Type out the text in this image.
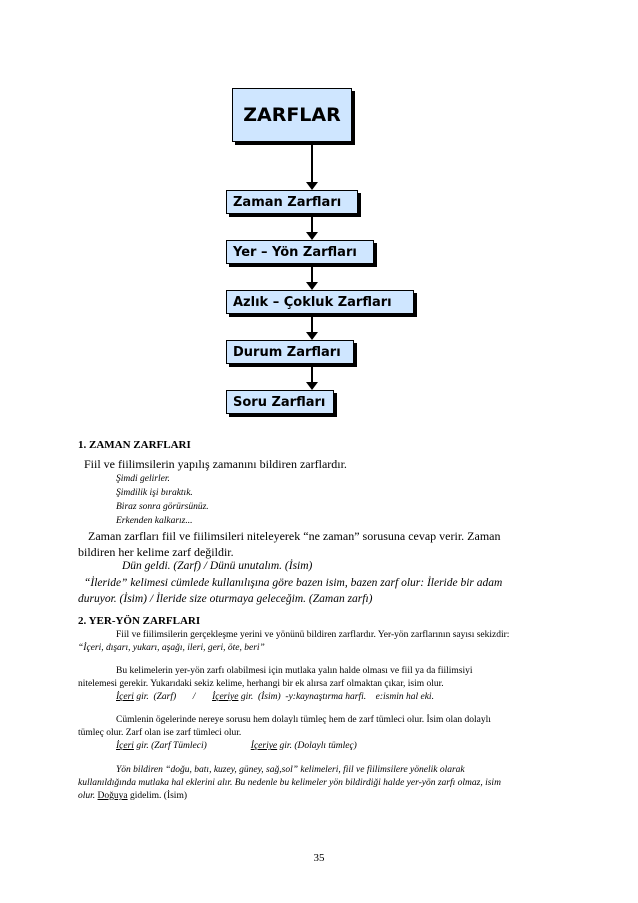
ZARFLAR
Zaman Zarfları
Yer – Yön Zarfları
Azlık – Çokluk Zarfları
Durum Zarfları
Soru Zarfları
1. ZAMAN ZARFLARI
Fiil ve fiilimsilerin yapılış zamanını bildiren zarflardır.
Şimdi gelirler.
Şimdilik işi bıraktık.
Biraz sonra görürsünüz.
Erkenden kalkarız...
Zaman zarfları fiil ve fiilimsileri niteleyerek “ne zaman” sorusuna cevap verir. Zaman
bildiren her kelime zarf değildir.
Dün geldi. (Zarf) / Dünü unutalım. (İsim)
“İleride” kelimesi cümlede kullanılışına göre bazen isim, bazen zarf olur: İleride bir adam
duruyor. (İsim) / İleride size oturmaya geleceğim. (Zaman zarfı)
2. YER-YÖN ZARFLARI
Fiil ve fiilimsilerin gerçekleşme yerini ve yönünü bildiren zarflardır. Yer-yön zarflarının sayısı sekizdir:
“İçeri, dışarı, yukarı, aşağı, ileri, geri, öte, beri”
Bu kelimelerin yer-yön zarfı olabilmesi için mutlaka yalın halde olması ve fiil ya da fiilimsiyi
nitelemesi gerekir. Yukarıdaki sekiz kelime, herhangi bir ek alırsa zarf olmaktan çıkar, isim olur.
İçeri gir.  (Zarf)       /       İçeriye gir.  (İsim)  -y:kaynaştırma harfi.    e:ismin hal eki.
Cümlenin ögelerinde nereye sorusu hem dolaylı tümleç hem de zarf tümleci olur. İsim olan dolaylı
tümleç olur. Zarf olan ise zarf tümleci olur.
İçeri gir. (Zarf Tümleci)	İçeriye gir. (Dolaylı tümleç)
Yön bildiren “doğu, batı, kuzey, güney, sağ,sol” kelimeleri, fiil ve fiilimsilere yönelik olarak
kullanıldığında mutlaka hal eklerini alır. Bu nedenle bu kelimeler yön bildirdiği halde yer-yön zarfı olmaz, isim
olur. Doğuya gidelim. (İsim)
35
